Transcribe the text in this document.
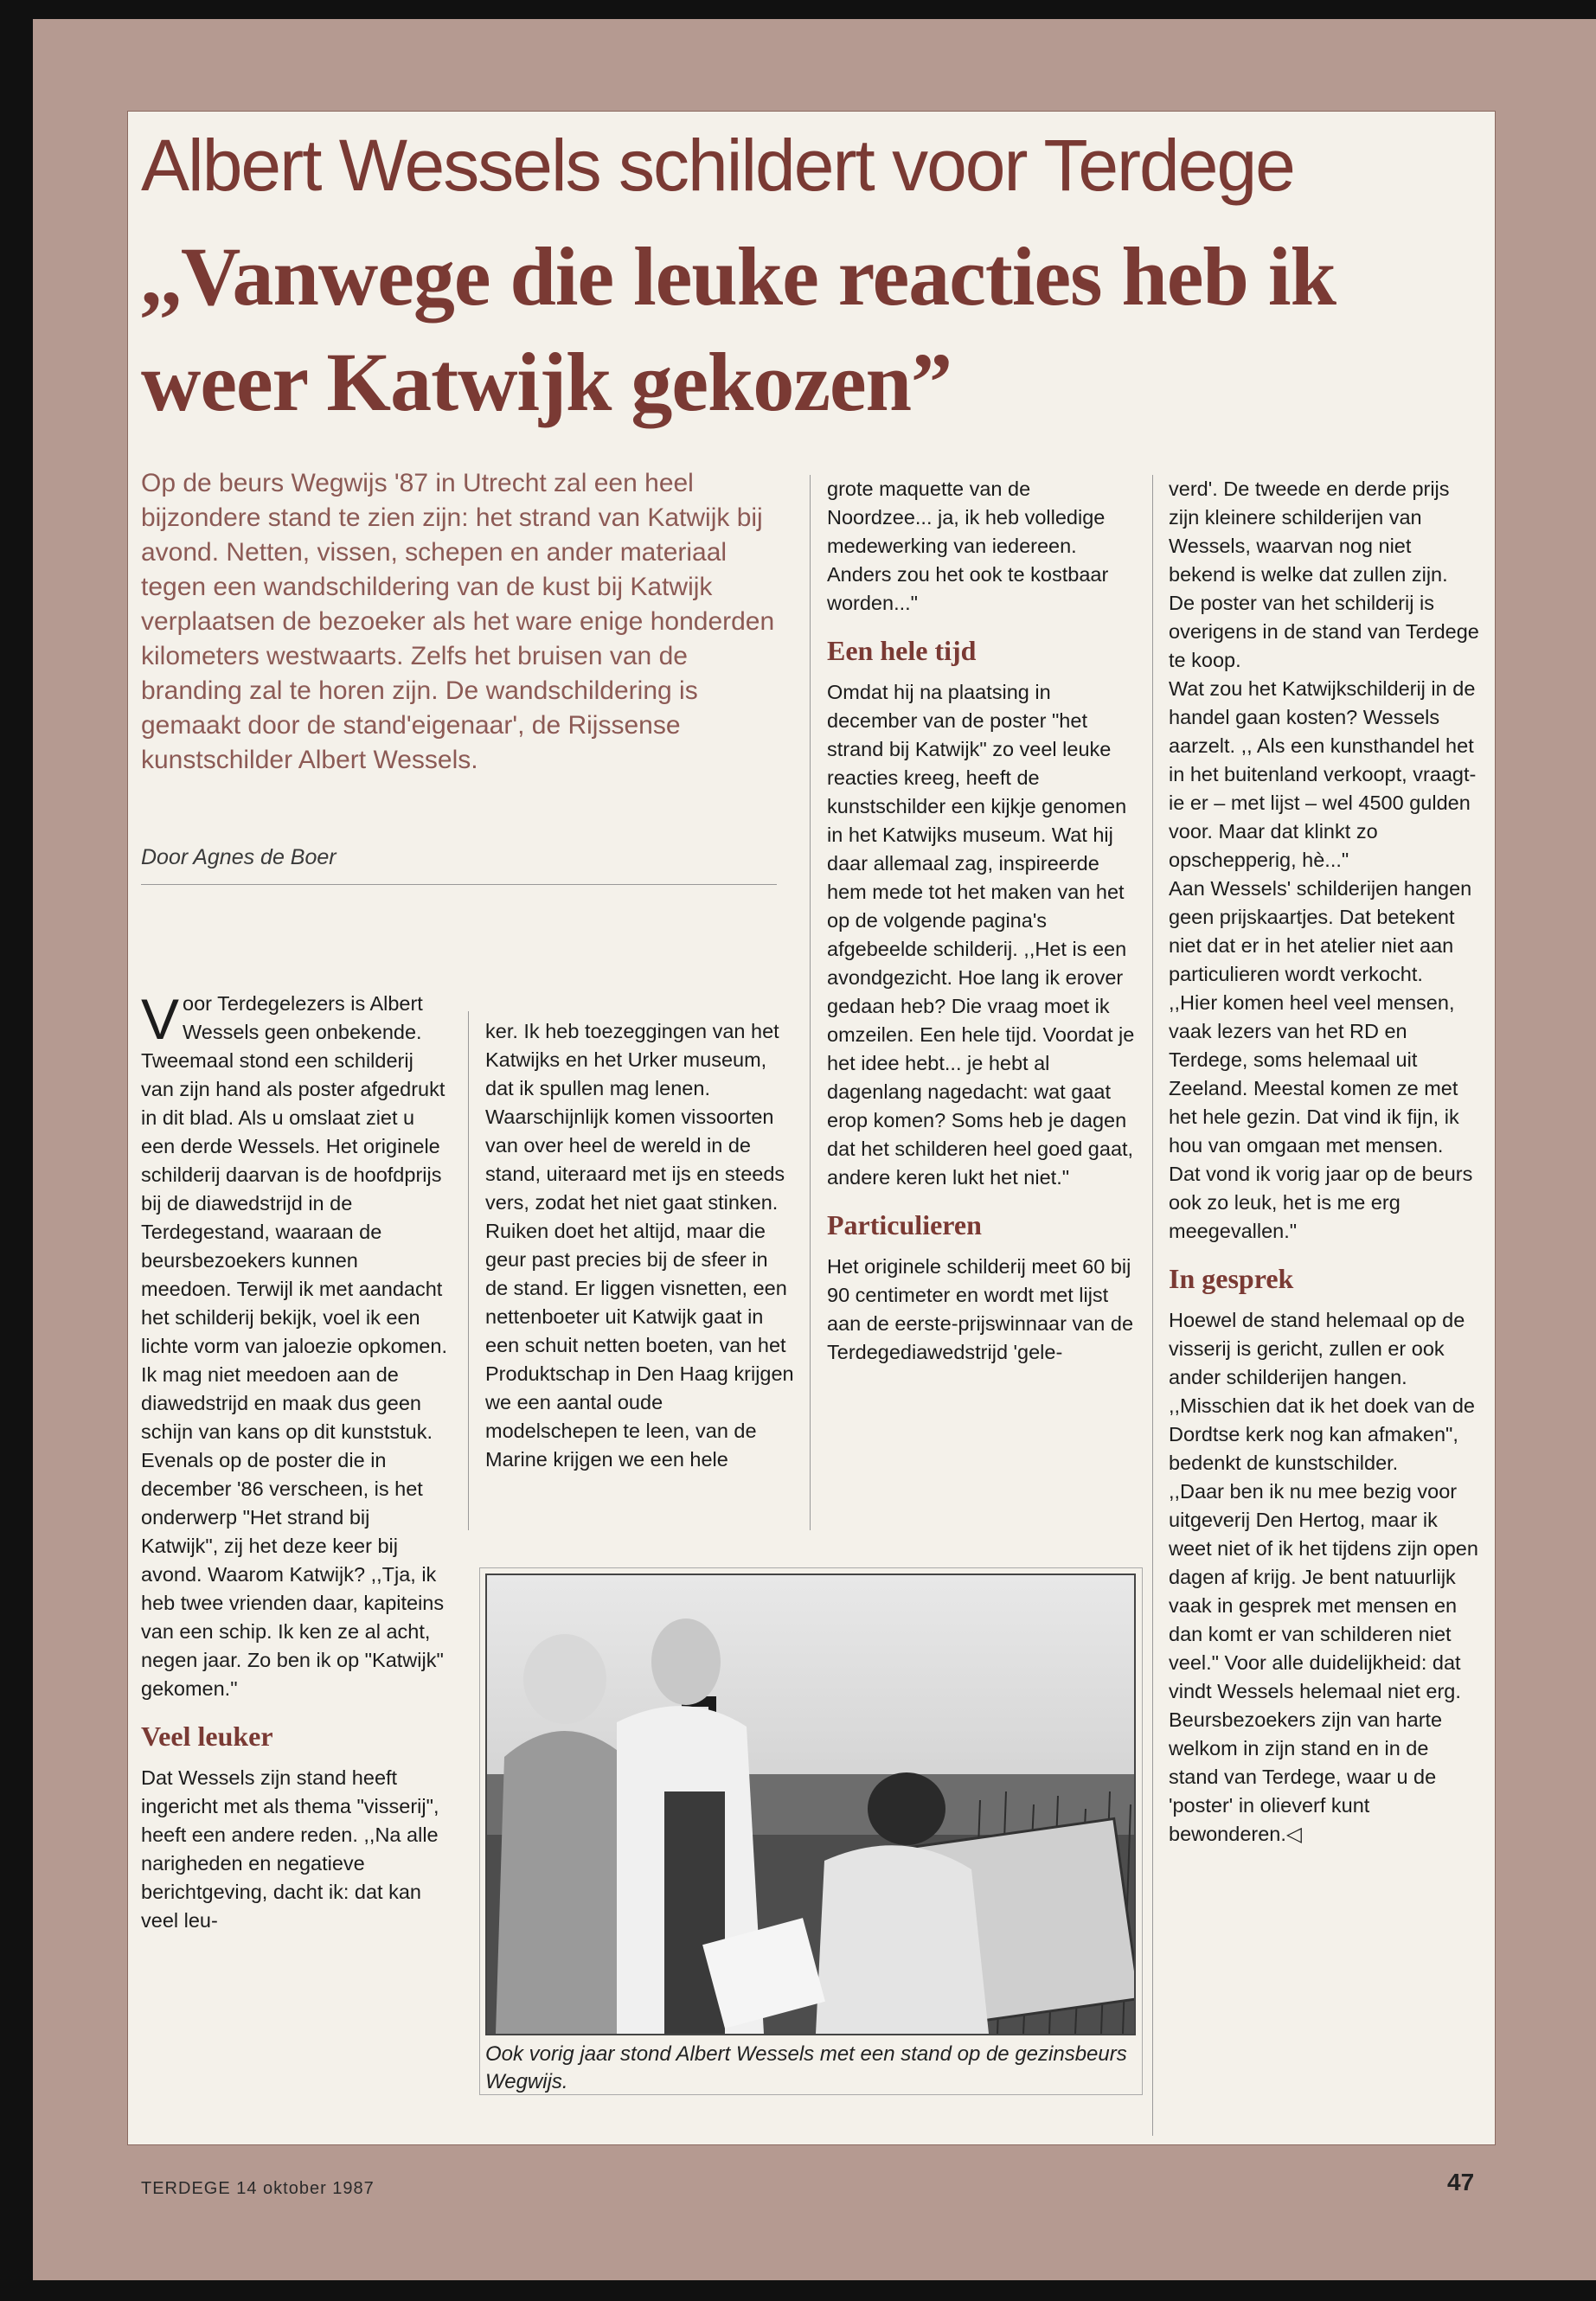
Albert Wessels schildert voor Terdege
,,Vanwege die leuke reacties heb ik weer Katwijk gekozen”

Op de beurs Wegwijs '87 in Utrecht zal een heel bijzondere stand te zien zijn: het strand van Katwijk bij avond. Netten, vissen, schepen en ander materiaal tegen een wandschildering van de kust bij Katwijk verplaatsen de bezoeker als het ware enige honderden kilometers westwaarts. Zelfs het bruisen van de branding zal te horen zijn. De wandschildering is gemaakt door de stand'eigenaar', de Rijssense kunstschilder Albert Wessels.

Door Agnes de Boer

Voor Terdegelezers is Albert Wessels geen onbekende. Tweemaal stond een schilderij van zijn hand als poster afgedrukt in dit blad. Als u omslaat ziet u een derde Wessels. Het originele schilderij daarvan is de hoofdprijs bij de diawedstrijd in de Terdegestand, waaraan de beursbezoekers kunnen meedoen. Terwijl ik met aandacht het schilderij bekijk, voel ik een lichte vorm van jaloezie opkomen. Ik mag niet meedoen aan de diawedstrijd en maak dus geen schijn van kans op dit kunststuk.

Evenals op de poster die in december '86 verscheen, is het onderwerp "Het strand bij Katwijk", zij het deze keer bij avond. Waarom Katwijk? ,,Tja, ik heb twee vrienden daar, kapiteins van een schip. Ik ken ze al acht, negen jaar. Zo ben ik op "Katwijk" gekomen."

Veel leuker

Dat Wessels zijn stand heeft ingericht met als thema "visserij", heeft een andere reden. ,,Na alle narigheden en negatieve berichtgeving, dacht ik: dat kan veel leu-

ker. Ik heb toezeggingen van het Katwijks en het Urker museum, dat ik spullen mag lenen. Waarschijnlijk komen vissoorten van over heel de wereld in de stand, uiteraard met ijs en steeds vers, zodat het niet gaat stinken. Ruiken doet het altijd, maar die geur past precies bij de sfeer in de stand. Er liggen visnetten, een nettenboeter uit Katwijk gaat in een schuit netten boeten, van het Produktschap in Den Haag krijgen we een aantal oude modelschepen te leen, van de Marine krijgen we een hele

grote maquette van de Noordzee... ja, ik heb volledige medewerking van iedereen. Anders zou het ook te kostbaar worden..."

Een hele tijd

Omdat hij na plaatsing in december van de poster "het strand bij Katwijk" zo veel leuke reacties kreeg, heeft de kunstschilder een kijkje genomen in het Katwijks museum. Wat hij daar allemaal zag, inspireerde hem mede tot het maken van het op de volgende pagina's afgebeelde schilderij. ,,Het is een avondgezicht. Hoe lang ik erover gedaan heb? Die vraag moet ik omzeilen. Een hele tijd. Voordat je het idee hebt... je hebt al dagenlang nagedacht: wat gaat erop komen? Soms heb je dagen dat het schilderen heel goed gaat, andere keren lukt het niet."

Particulieren

Het originele schilderij meet 60 bij 90 centimeter en wordt met lijst aan de eerste-prijswinnaar van de Terdegediawedstrijd 'gele-

verd'. De tweede en derde prijs zijn kleinere schilderijen van Wessels, waarvan nog niet bekend is welke dat zullen zijn.

De poster van het schilderij is overigens in de stand van Terdege te koop.

Wat zou het Katwijkschilderij in de handel gaan kosten? Wessels aarzelt. ,, Als een kunsthandel het in het buitenland verkoopt, vraagt-ie er – met lijst – wel 4500 gulden voor. Maar dat klinkt zo opschepperig, hè..."

Aan Wessels' schilderijen hangen geen prijskaartjes. Dat betekent niet dat er in het atelier niet aan particulieren wordt verkocht.

,,Hier komen heel veel mensen, vaak lezers van het RD en Terdege, soms helemaal uit Zeeland. Meestal komen ze met het hele gezin. Dat vind ik fijn, ik hou van omgaan met mensen. Dat vond ik vorig jaar op de beurs ook zo leuk, het is me erg meegevallen."

In gesprek

Hoewel de stand helemaal op de visserij is gericht, zullen er ook ander schilderijen hangen. ,,Misschien dat ik het doek van de Dordtse kerk nog kan afmaken", bedenkt de kunstschilder.

,,Daar ben ik nu mee bezig voor uitgeverij Den Hertog, maar ik weet niet of ik het tijdens zijn open dagen af krijg. Je bent natuurlijk vaak in gesprek met mensen en dan komt er van schilderen niet veel." Voor alle duidelijkheid: dat vindt Wessels helemaal niet erg. Beursbezoekers zijn van harte welkom in zijn stand en in de stand van Terdege, waar u de 'poster' in olieverf kunt bewonderen.◁

Ook vorig jaar stond Albert Wessels met een stand op de gezinsbeurs Wegwijs.

TERDEGE 14 oktober 1987	47
